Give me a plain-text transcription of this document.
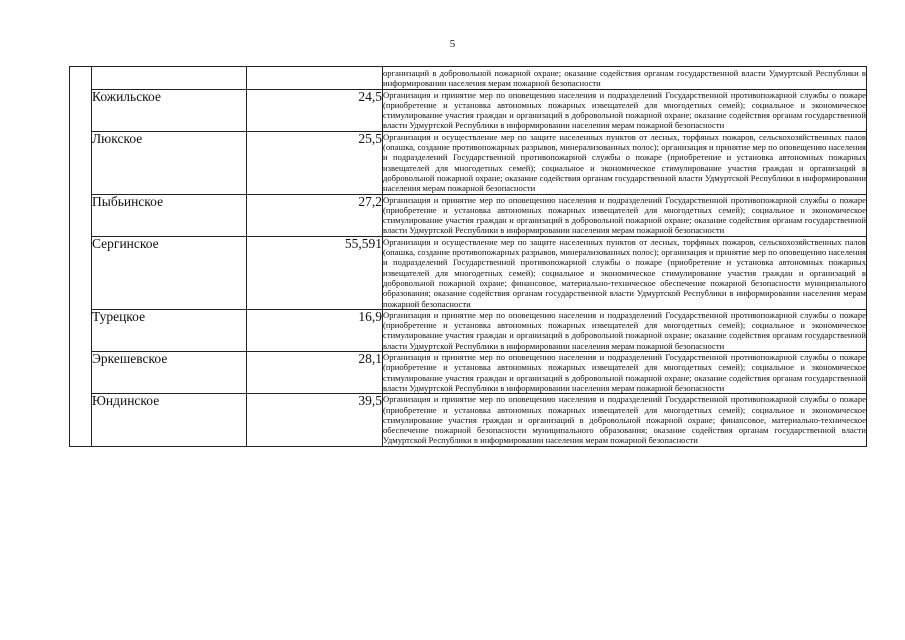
5
			организаций в добровольной пожарной охране; оказание содействия органам государственной власти Удмуртской Республики в информировании населения мерам пожарной безопасности
	Кожильское	24,5	Организация и принятие мер по оповещению населения и подразделений Государственной противопожарной службы о пожаре (приобретение и установка автономных пожарных извещателей для многодетных семей); социальное и экономическое стимулирование участия граждан и организаций в добровольной пожарной охране; оказание содействия органам государственной власти Удмуртской Республики в информировании населения мерам пожарной безопасности
	Люкское	25,5	Организация и осуществление мер по защите населенных пунктов от лесных, торфяных пожаров, сельскохозяйственных палов (опашка, создание противопожарных разрывов, минерализованных полос); организация и принятие мер по оповещению населения и подразделений Государственной противопожарной службы о пожаре (приобретение и установка автономных пожарных извещателей для многодетных семей); социальное и экономическое стимулирование участия граждан и организаций в добровольной пожарной охране; оказание содействия органам государственной власти Удмуртской Республики в информировании населения мерам пожарной безопасности
	Пыбьинское	27,2	Организация и принятие мер по оповещению населения и подразделений Государственной противопожарной службы о пожаре (приобретение и установка автономных пожарных извещателей для многодетных семей); социальное и экономическое стимулирование участия граждан и организаций в добровольной пожарной охране; оказание содействия органам государственной власти Удмуртской Республики в информировании населения мерам пожарной безопасности
	Сергинское	55,591	Организация и осуществление мер по защите населенных пунктов от лесных, торфяных пожаров, сельскохозяйственных палов (опашка, создание противопожарных разрывов, минерализованных полос); организация и принятие мер по оповещению населения и подразделений Государственной противопожарной службы о пожаре (приобретение и установка автономных пожарных извещателей для многодетных семей); социальное и экономическое стимулирование участия граждан и организаций в добровольной пожарной охране; финансовое, материально-техническое обеспечение пожарной безопасности муниципального образования; оказание содействия органам государственной власти Удмуртской Республики в информировании населения мерам пожарной безопасности
	Турецкое	16,9	Организация и принятие мер по оповещению населения и подразделений Государственной противопожарной службы о пожаре (приобретение и установка автономных пожарных извещателей для многодетных семей); социальное и экономическое стимулирование участия граждан и организаций в добровольной пожарной охране; оказание содействия органам государственной власти Удмуртской Республики в информировании населения мерам пожарной безопасности
	Эркешевское	28,1	Организация и принятие мер по оповещению населения и подразделений Государственной противопожарной службы о пожаре (приобретение и установка автономных пожарных извещателей для многодетных семей); социальное и экономическое стимулирование участия граждан и организаций в добровольной пожарной охране; оказание содействия органам государственной власти Удмуртской Республики в информировании населения мерам пожарной безопасности
	Юндинское	39,5	Организация и принятие мер по оповещению населения и подразделений Государственной противопожарной службы о пожаре (приобретение и установка автономных пожарных извещателей для многодетных семей); социальное и экономическое стимулирование участия граждан и организаций в добровольной пожарной охране; финансовое, материально-техническое обеспечение пожарной безопасности муниципального образования; оказание содействия органам государственной власти Удмуртской Республики в информировании населения мерам пожарной безопасности
